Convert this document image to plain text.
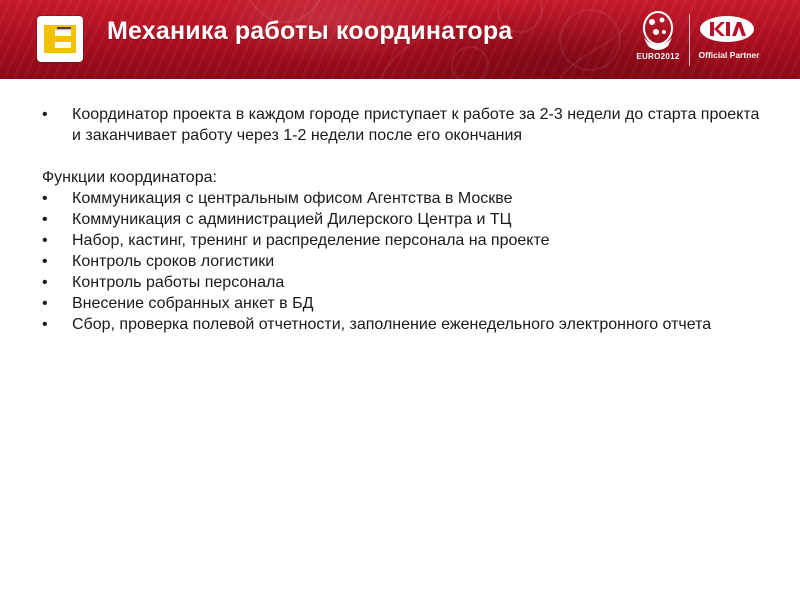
Механика работы координатора
EURO2012	Official Partner
•	Координатор проекта в каждом городе приступает к работе за 2-3 недели до старта проекта и заканчивает работу через 1-2 недели после его окончания

Функции координатора:

•	Коммуникация с центральным офисом Агентства в Москве
•	Коммуникация с администрацией Дилерского Центра и ТЦ
•	Набор, кастинг, тренинг и распределение персонала на проекте
•	Контроль сроков логистики
•	Контроль работы персонала
•	Внесение собранных анкет в БД
•	Сбор, проверка полевой отчетности, заполнение еженедельного электронного отчета
